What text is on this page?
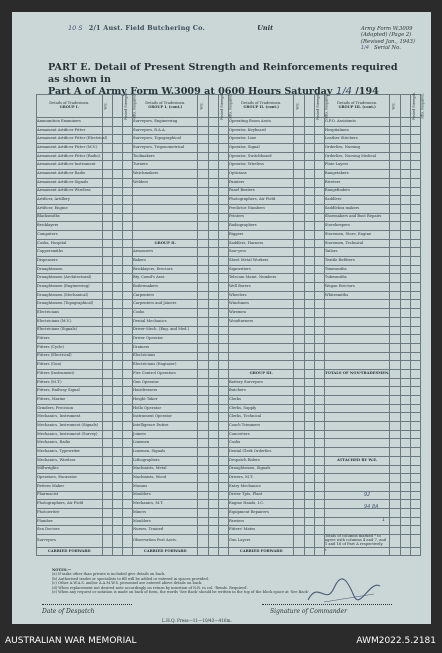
10 S 2/1 Aust. Field Butchering Co.	Unit	Army Form W.3009
(Adapted) (Page 2)
(Revised Jan., 1943)
1/4 Serial No.
PART E. Detail of Present Strength and Reinforcements required as shown in
Part A of Army Form W.3009 at 0600 Hours Saturday 1/4 /194
Details of Tradesmen.
GROUP I.	W.E.	Posted Strength.	Rfts. Required.	Details of Tradesmen.
GROUP I. (cont.)	W.E.	Posted Strength.	Rfts. Required.	Details of Tradesmen.
GROUP II. (cont.)	W.E.	Posted Strength.	Rfts. Required.	Details of Tradesmen.
GROUP III. (cont.)	W.E.	Posted Strength.	Rfts. Required.
Ammunition Examiners				Surveyors, Engineering				Operating Room Assts.				G.P.O. Assistants			
Armament Artificer Fitter				Surveyors, R.A.A.				Operator, Keyboard				Hospitalmen			
Armament Artificer Fitter (Electrical)				Surveyors, Topographical				Operator, Line				Leather Stitchers			
Armament Artificer Fitter (M.V.)				Surveyors, Trigonometrical				Operator, Signal				Orderlies, Nursing			
Armament Artificer Fitter (Radio)				Toolmakers				Operator, Switchboard				Orderlies, Nursing Medical			
Armament Artificer Instrument				Turners				Operator, Wireless				Plate Layers			
Armament Artificer Radio				Watchmakers				Opticians				Rangetakers			
Armament Artificer Signals				Welders				Painters				Riveters			
Armament Artificer Wireless								Panel Beaters				Rangefinders			
Artificer, Artillery								Photographers, Air Field				Saddlers			
Artificer, Engine								Predictor Numbers				Saddlebox makers			
Blacksmiths								Printers				Shoemakers and Boot Repairs			
Bricklayers								Radiographers				Storekeepers			
Computers								Riggers				Storemen, Store, Engine			
Cooks, Hospital				GROUP II.				Saddlers, Harness				Storemen, Technical			
Coppersmiths				Armourers				Saw-yers				Tailors			
Dispensers				Bakers				Sheet Metal Workers				Textile Refitters			
Draughtsmen				Bricklayers, Erectors				Signwriters				Timesmiths			
Draughtsmen (Architectural)				Bty. Comd's Asst.				Telecom Maint. Numbers				Tubesmiths			
Draughtsmen (Engineering)				Boilermakers				Well Borers				Wagon Erectors			
Draughtsmen (Mechanical)				Carpenters				Wheelers				Whitesmiths			
Draughtsmen (Topographical)				Carpenters and Joiners				Winchmen							
Electricians				Cooks				Wiremen							
Electricians (M.V.)				Dental Mechanics				Woodturners							
Electricians (Signals)				Driver-Mech. (Eng. and Med.)											
Fitters				Driver Operator											
Fitters (Cycle)				Drainers											
Fitters (Electrical)				Electricians											
Fitters (Gun)				Electricians (Engineer)											
Fitters (Instrument)				Fire Control Operators				GROUP III.				TOTALS OF NON-TRADESMEN.			
Fitters (M.T.)				Gun Operator				Battery Surveyors							
Fitters, Railway Signal				Hairdressers				Butchers							
Fitters, Marine				Height Taker				Clerks							
Grinders, Precision				Hollo Operator				Clerks, Supply							
Mechanics, Instrument				Instrument Operator				Clerks, Technical							
Mechanics, Instrument (Signals)				Intelligence Duties				Coach Trimmers							
Mechanics, Instrument (Survey)				Joiners				Concreters							
Mechanics, Radio				Linemen				Cooks							
Mechanics, Typewriter				Linemen, Signals				Dental Clerk Orderlies							
Mechanics, Wireless				Lithographers				Despatch Riders				ATTACHED BY W.E.			
Millwrights				Machinists, Metal				Draughtsmen, Signals							
Operators, Excavator				Machinists, Wood				Drivers, M.T.							
Pattern Maker				Masons				Entry Mechanics							
Pharmacist				Moulders				Driver Tpts, Plant							
Photographers, Air Field				Mechanics, M.T.				Engine Hands, I.C.							
Photowriter				Miners				Equipment Repairers							
Plumber				Moulders				Farriers							
Sea Doctors				Nurses, Trained				Fitters' Mates							
Surveyors				Observation Post Assts.				Gun Layers				Totals of columns marked * to agree with columns 4 and 7, and 1 and 16 of Part A respectively.			
CARRIED FORWARD				CARRIED FORWARD				CARRIED FORWARD				*			
92
94 8A
1
NOTES.—
(a) If tasks other than private is included give details on back.
(b) Authorised trades or specialists to fill will be added or entered in spaces provided.
(c) Other A.W.A.S. and/or A.A.M.W.S. personnel are entered above details on back.
(d) When replacement not desired note accordingly on return by insertion of N.R. in col. 'Reinfs. Required'.
(e) When any request or notation is made on back of form, the words 'See Back' should be written in the top of the block space at 'See Back'.
Date of Despatch	Signature of Commander
L.H.Q. Press—11—10/43—416m.
AUSTRALIAN WAR MEMORIAL	AWM2022.5.2181
